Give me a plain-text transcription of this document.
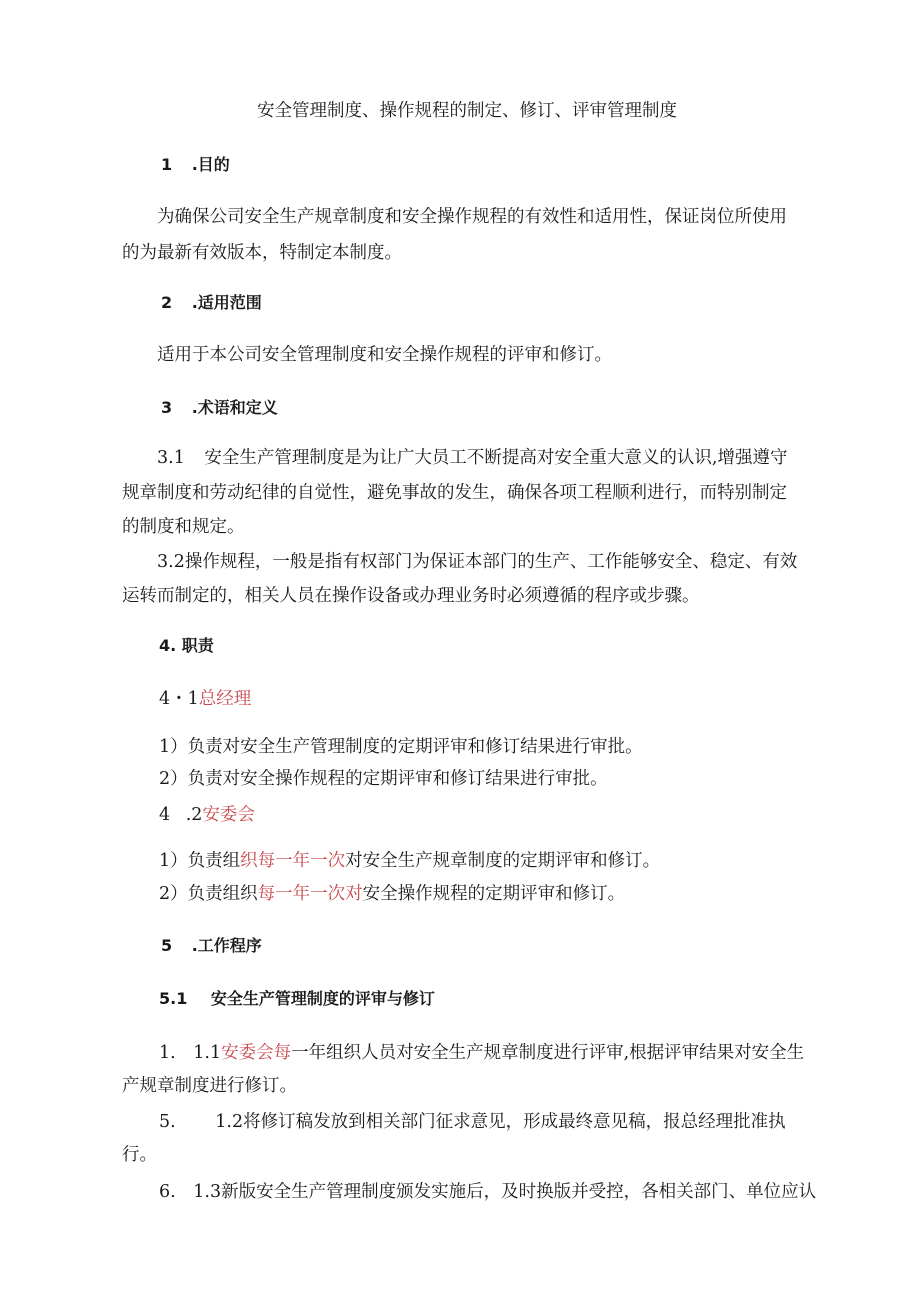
安全管理制度、操作规程的制定、修订、评审管理制度
1 .目的
为确保公司安全生产规章制度和安全操作规程的有效性和适用性，保证岗位所使用
的为最新有效版本，特制定本制度。
2 .适用范围
适用于本公司安全管理制度和安全操作规程的评审和修订。
3 .术语和定义
3.1 安全生产管理制度是为让广大员工不断提高对安全重大意义的认识,增强遵守
规章制度和劳动纪律的自觉性，避免事故的发生，确保各项工程顺利进行，而特别制定
的制度和规定。
3.2操作规程，一般是指有权部门为保证本部门的生产、工作能够安全、稳定、有效
运转而制定的，相关人员在操作设备或办理业务时必须遵循的程序或步骤。
4. 职责
4・1总经理
1）负责对安全生产管理制度的定期评审和修订结果进行审批。
2）负责对安全操作规程的定期评审和修订结果进行审批。
4 .2安委会
1）负责组织每一年一次对安全生产规章制度的定期评审和修订。
2）负责组织每一年一次对安全操作规程的定期评审和修订。
5 .工作程序
5.1 安全生产管理制度的评审与修订
1. 1.1安委会每一年组织人员对安全生产规章制度进行评审,根据评审结果对安全生
产规章制度进行修订。
5. 1.2将修订稿发放到相关部门征求意见，形成最终意见稿，报总经理批准执
行。
6. 1.3新版安全生产管理制度颁发实施后，及时换版并受控，各相关部门、单位应认
